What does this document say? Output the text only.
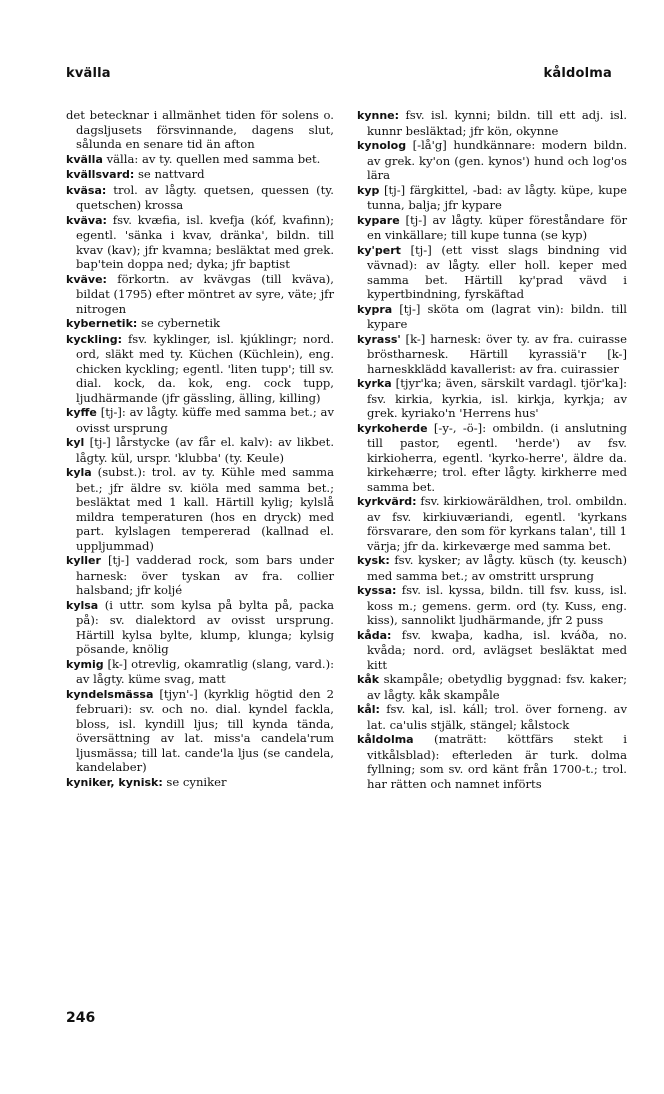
kvälla	kåldolma
det betecknar i allmänhet tiden för solens o. dagsljusets försvinnande, dagens slut, sålunda en senare tid än afton
kvälla välla: av ty. quellen med samma bet.
kvällsvard: se nattvard
kväsa: trol. av lågty. quetsen, quessen (ty. quetschen) krossa
kväva: fsv. kvæfia, isl. kvefja (kóf, kvafinn); egentl. 'sänka i kvav, dränka', bildn. till kvav (kav); jfr kvamna; besläktat med grek. bap'tein doppa ned; dyka; jfr baptist
kväve: förkortn. av kvävgas (till kväva), bildat (1795) efter möntret av syre, väte; jfr nitrogen
kybernetik: se cybernetik
kyckling: fsv. kyklinger, isl. kjúklingr; nord. ord, släkt med ty. Küchen (Küchlein), eng. chicken kyckling; egentl. 'liten tupp'; till sv. dial. kock, da. kok, eng. cock tupp, ljudhärmande (jfr gässling, älling, killing)
kyffe [tj-]: av lågty. küffe med samma bet.; av ovisst ursprung
kyl [tj-] lårstycke (av får el. kalv): av likbet. lågty. kül, urspr. 'klubba' (ty. Keule)
kyla (subst.): trol. av ty. Kühle med samma bet.; jfr äldre sv. kiöla med samma bet.; besläktat med 1 kall. Härtill kylig; kylslå mildra temperaturen (hos en dryck) med part. kylslagen tempererad (kallnad el. uppljummad)
kyller [tj-] vadderad rock, som bars under harnesk: över tyskan av fra. collier halsband; jfr koljé
kylsa (i uttr. som kylsa på bylta på, packa på): sv. dialektord av ovisst ursprung. Härtill kylsa bylte, klump, klunga; kylsig pösande, knölig
kymig [k-] otrevlig, okamratlig (slang, vard.): av lågty. küme svag, matt
kyndelsmässa [tjyn'-] (kyrklig högtid den 2 februari): sv. och no. dial. kyndel fackla, bloss, isl. kyndill ljus; till kynda tända, översättning av lat. miss'a candela'rum ljusmässa; till lat. cande'la ljus (se candela, kandelaber)
kyniker, kynisk: se cyniker
kynne: fsv. isl. kynni; bildn. till ett adj. isl. kunnr besläktad; jfr kön, okynne
kynolog [-lå'g] hundkännare: modern bildn. av grek. ky'on (gen. kynos') hund och log'os lära
kyp [tj-] färgkittel, -bad: av lågty. küpe, kupe tunna, balja; jfr kypare
kypare [tj-] av lågty. küper föreståndare för en vinkällare; till kupe tunna (se kyp)
ky'pert [tj-] (ett visst slags bindning vid vävnad): av lågty. eller holl. keper med samma bet. Härtill ky'prad vävd i kypertbindning, fyrskäftad
kypra [tj-] sköta om (lagrat vin): bildn. till kypare
kyrass' [k-] harnesk: över ty. av fra. cuirasse bröstharnesk. Härtill kyrassiä'r [k-] harneskklädd kavallerist: av fra. cuirassier
kyrka [tjyr'ka; även, särskilt vardagl. tjör'ka]: fsv. kirkia, kyrkia, isl. kirkja, kyrkja; av grek. kyriako'n 'Herrens hus'
kyrkoherde [-y-, -ö-]: ombildn. (i anslutning till pastor, egentl. 'herde') av fsv. kirkioherra, egentl. 'kyrko-herre', äldre da. kirkehærre; trol. efter lågty. kirkherre med samma bet.
kyrkvärd: fsv. kirkiowäräldhen, trol. ombildn. av fsv. kirkiuværiandi, egentl. 'kyrkans försvarare, den som för kyrkans talan', till 1 värja; jfr da. kirkeværge med samma bet.
kysk: fsv. kysker; av lågty. küsch (ty. keusch) med samma bet.; av omstritt ursprung
kyssa: fsv. isl. kyssa, bildn. till fsv. kuss, isl. koss m.; gemens. germ. ord (ty. Kuss, eng. kiss), sannolikt ljudhärmande, jfr 2 puss
kåda: fsv. kwaþa, kadha, isl. kváða, no. kvåda; nord. ord, avlägset besläktat med kitt
kåk skampåle; obetydlig byggnad: fsv. kaker; av lågty. kåk skampåle
kål: fsv. kal, isl. káll; trol. över forneng. av lat. ca'ulis stjälk, stängel; kålstock
kåldolma (maträtt: köttfärs stekt i vitkålsblad): efterleden är turk. dolma fyllning; som sv. ord känt från 1700-t.; trol. har rätten och namnet införts
246
